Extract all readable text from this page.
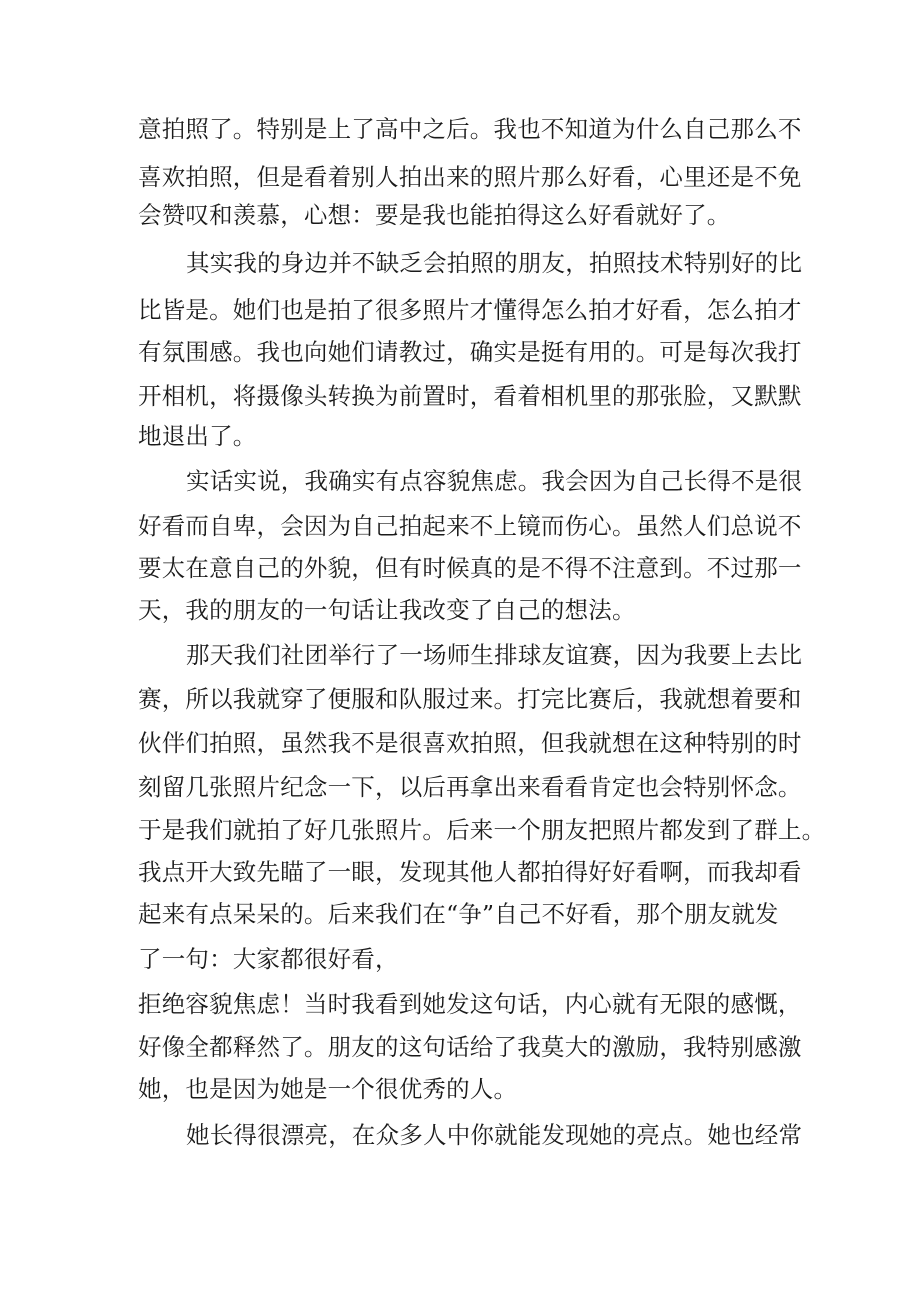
意拍照了。特别是上了高中之后。我也不知道为什么自己那么不
喜欢拍照，但是看着别人拍出来的照片那么好看，心里还是不免
会赞叹和羡慕，心想：要是我也能拍得这么好看就好了。
其实我的身边并不缺乏会拍照的朋友，拍照技术特别好的比
比皆是。她们也是拍了很多照片才懂得怎么拍才好看，怎么拍才
有氛围感。我也向她们请教过，确实是挺有用的。可是每次我打
开相机，将摄像头转换为前置时，看着相机里的那张脸，又默默
地退出了。
实话实说，我确实有点容貌焦虑。我会因为自己长得不是很
好看而自卑，会因为自己拍起来不上镜而伤心。虽然人们总说不
要太在意自己的外貌，但有时候真的是不得不注意到。不过那一
天，我的朋友的一句话让我改变了自己的想法。
那天我们社团举行了一场师生排球友谊赛，因为我要上去比
赛，所以我就穿了便服和队服过来。打完比赛后，我就想着要和
伙伴们拍照，虽然我不是很喜欢拍照，但我就想在这种特别的时
刻留几张照片纪念一下，以后再拿出来看看肯定也会特别怀念。
于是我们就拍了好几张照片。后来一个朋友把照片都发到了群上。
我点开大致先瞄了一眼，发现其他人都拍得好好看啊，而我却看
起来有点呆呆的。后来我们在“争”自己不好看，那个朋友就发
了一句：大家都很好看，
拒绝容貌焦虑！当时我看到她发这句话，内心就有无限的感慨，
好像全都释然了。朋友的这句话给了我莫大的激励，我特别感激
她，也是因为她是一个很优秀的人。
她长得很漂亮，在众多人中你就能发现她的亮点。她也经常
